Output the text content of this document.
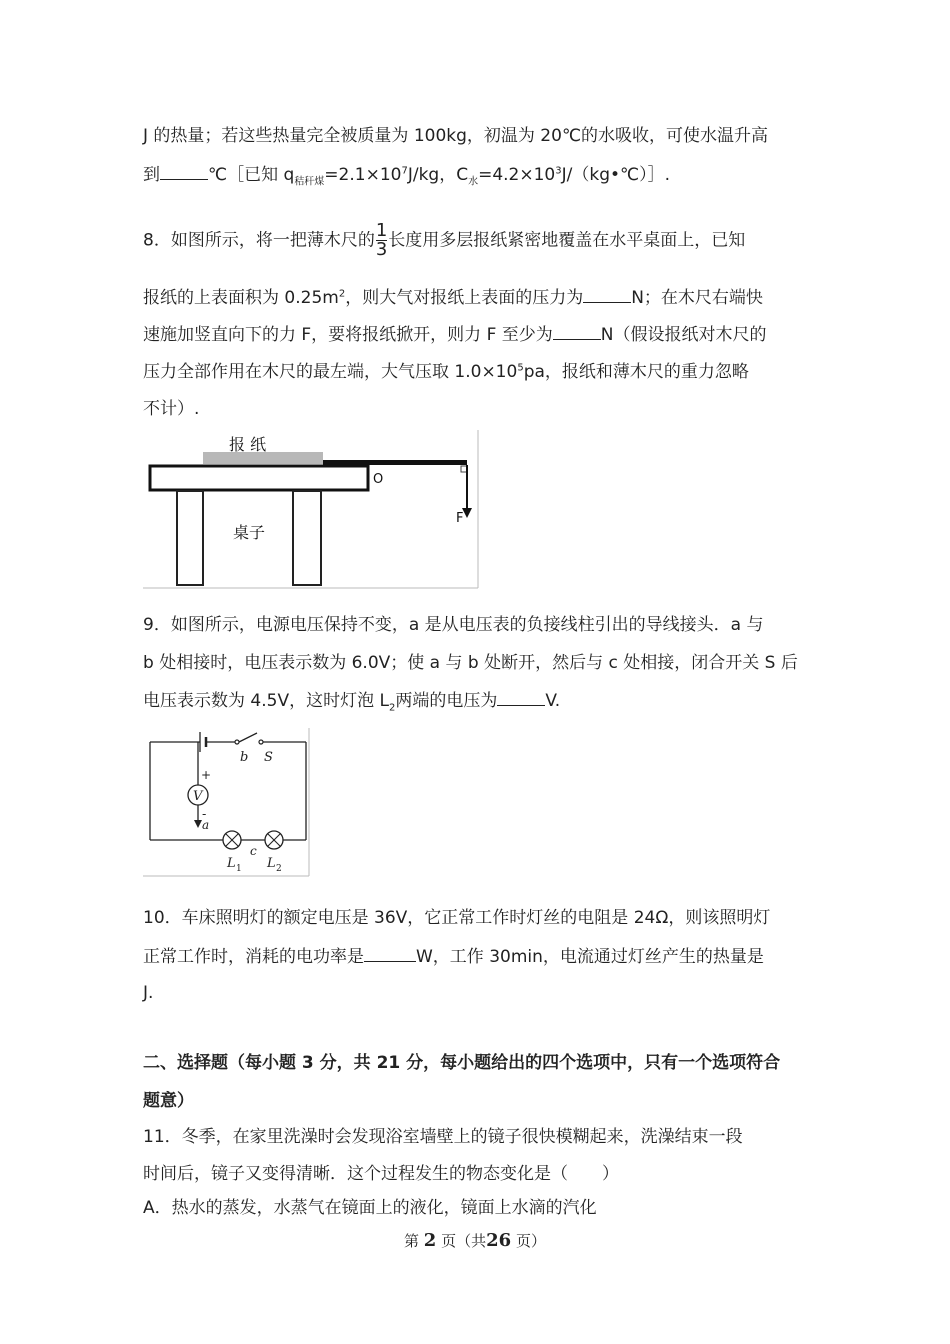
J 的热量；若这些热量完全被质量为 100kg，初温为 20℃的水吸收，可使水温升高
到	℃［已知 $q_{秸秆煤}=2.1\times 10^7J/kg$，$C_水=4.2\times 10^3J/(kg•℃)]$.
8．如图所示，将一把薄木尺的 $\frac{1}{3}$ 长度用多层报纸紧密地覆盖在水平桌面上，已知
报纸的上表面积为 $0.25m^2$，则大气对报纸上表面的压力为	N；在木尺右端快
速施加竖直向下的力 F，要将报纸掀开，则力 F 至少为	N（假设报纸对木尺的
压力全部作用在木尺的最左端，大气压取 $1.0\times 10^5pa$，报纸和薄木尺的重力忽略
不计）.
报 纸
桌子
O
F
9．如图所示，电源电压保持不变，a 是从电压表的负接线柱引出的导线接头．a 与
b 处相接时，电压表示数为 6.0V；使 a 与 b 处断开，然后与 c 处相接，闭合开关 S 后
电压表示数为 4.5V，这时灯泡 $L_2$两端的电压为	V.
V
+
-
a
b S
c
L 1 L 2
10．车床照明灯的额定电压是 36V，它正常工作时灯丝的电阻是 24Ω，则该照明灯
正常工作时，消耗的电功率是	W，工作 30min，电流通过灯丝产生的热量是
J.
二、选择题（每小题 3 分，共 21 分，每小题给出的四个选项中，只有一个选项符合
题意）
11．冬季，在家里洗澡时会发现浴室墙壁上的镜子很快模糊起来，洗澡结束一段
时间后，镜子又变得清晰．这个过程发生的物态变化是（　　）
A．热水的蒸发，水蒸气在镜面上的液化，镜面上水滴的汽化
第 2 页（共26 页）
